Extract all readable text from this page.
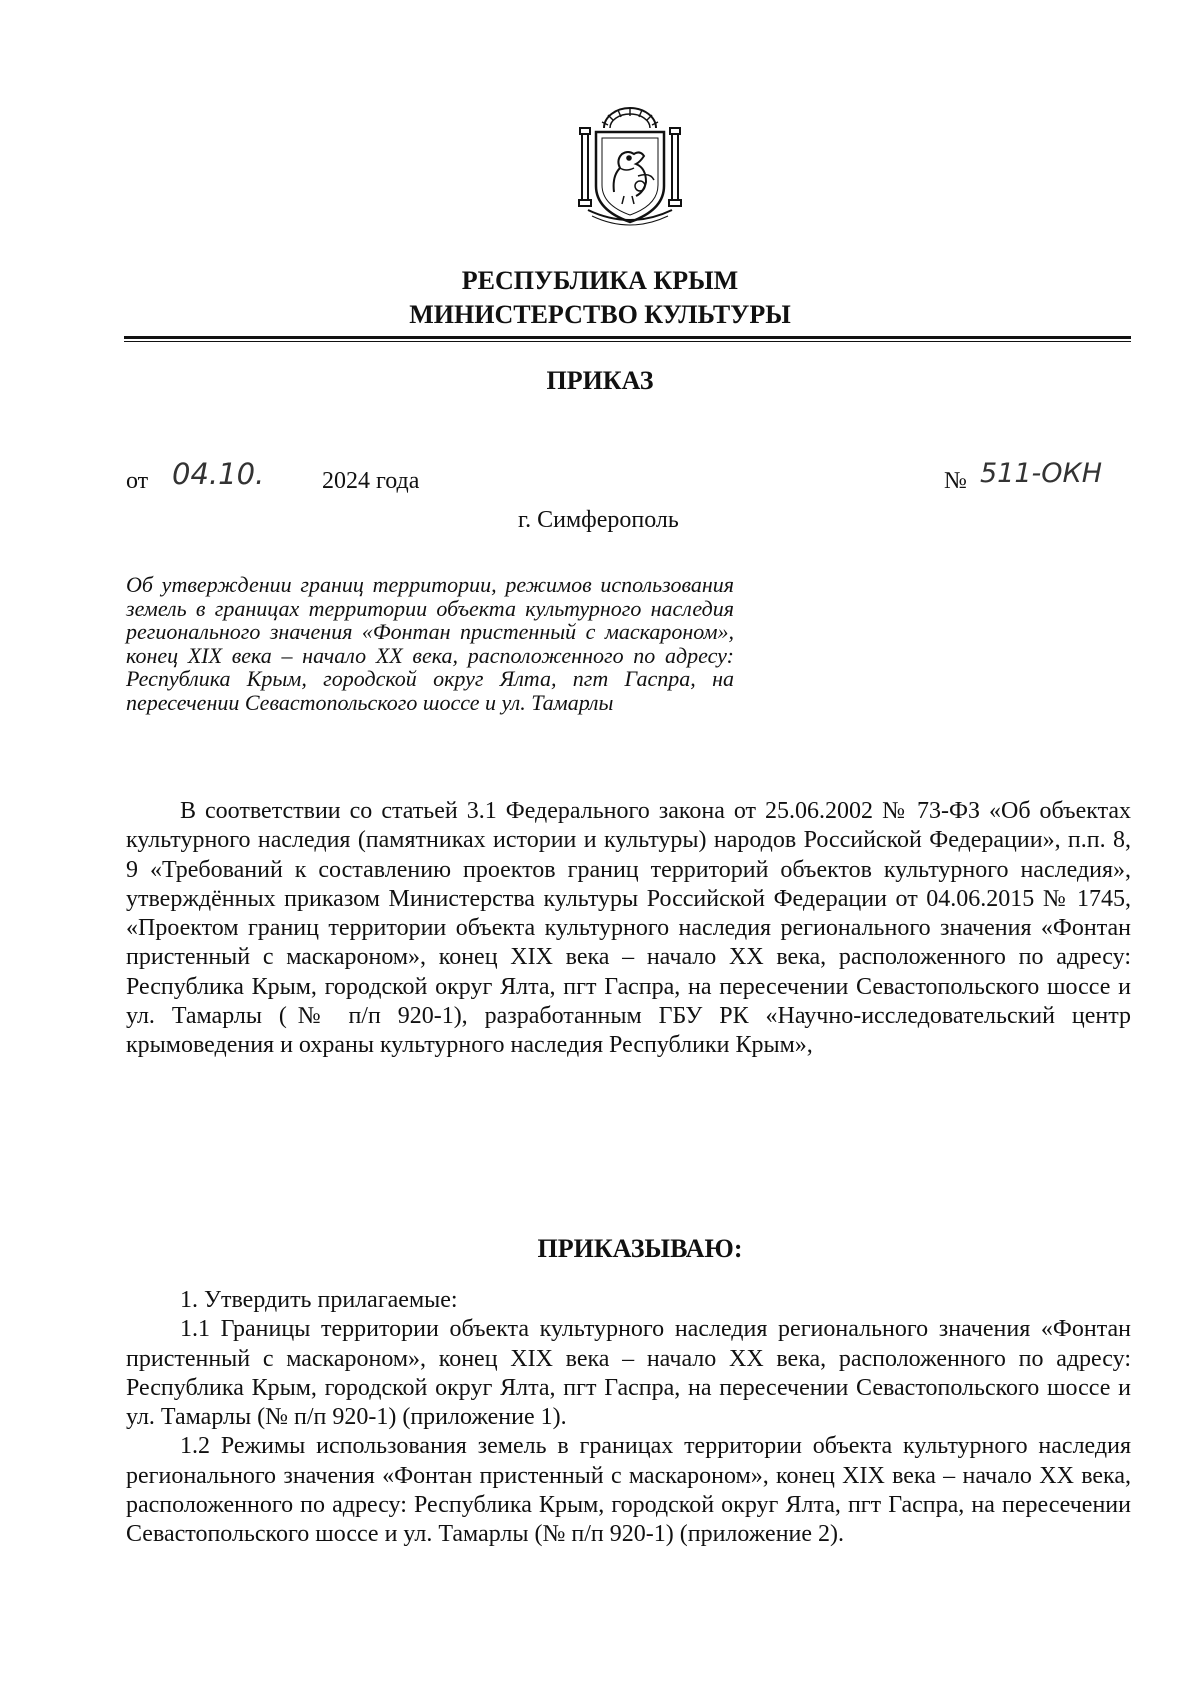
РЕСПУБЛИКА КРЫМ
МИНИСТЕРСТВО КУЛЬТУРЫ
ПРИКАЗ
от 04.10. 2024 года	№ 511-ОКН
г. Симферополь
Об утверждении границ территории, режимов использования земель в границах территории объекта культурного наследия регионального значения «Фонтан пристенный с маскароном», конец XIX века – начало XX века, расположенного по адресу: Республика Крым, городской округ Ялта, пгт Гаспра, на пересечении Севастопольского шоссе и ул. Тамарлы

В соответствии со статьей 3.1 Федерального закона от 25.06.2002 № 73-ФЗ «Об объектах культурного наследия (памятниках истории и культуры) народов Российской Федерации», п.п. 8, 9 «Требований к составлению проектов границ территорий объектов культурного наследия», утверждённых приказом Министерства культуры Российской Федерации от 04.06.2015 № 1745, «Проектом границ территории объекта культурного наследия регионального значения «Фонтан пристенный с маскароном», конец XIX века – начало XX века, расположенного по адресу: Республика Крым, городской округ Ялта, пгт Гаспра, на пересечении Севастопольского шоссе и ул. Тамарлы (№ п/п 920-1), разработанным ГБУ РК «Научно-исследовательский центр крымоведения и охраны культурного наследия Республики Крым»,

ПРИКАЗЫВАЮ:

1. Утвердить прилагаемые:

1.1 Границы территории объекта культурного наследия регионального значения «Фонтан пристенный с маскароном», конец XIX века – начало XX века, расположенного по адресу: Республика Крым, городской округ Ялта, пгт Гаспра, на пересечении Севастопольского шоссе и ул. Тамарлы (№ п/п 920-1) (приложение 1).

1.2 Режимы использования земель в границах территории объекта культурного наследия регионального значения «Фонтан пристенный с маскароном», конец XIX века – начало XX века, расположенного по адресу: Республика Крым, городской округ Ялта, пгт Гаспра, на пересечении Севастопольского шоссе и ул. Тамарлы (№ п/п 920-1) (приложение 2).
